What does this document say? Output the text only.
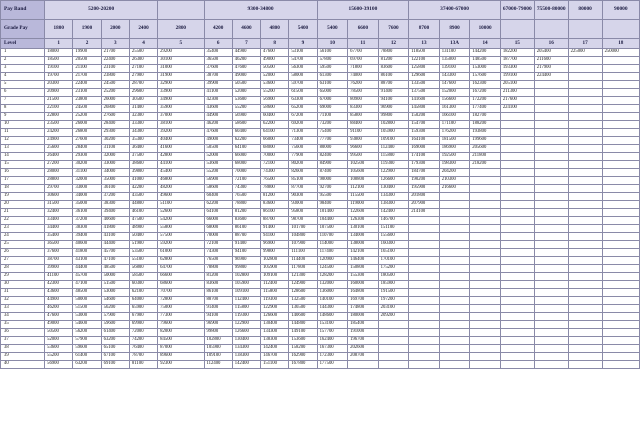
Pay Band	5200-20200					9300-34800				15600-39100			37400-67000			67000-79000	75500-80000	80000	90000
Grade Pay	1800	1900	2000	2400	2800	4200	4600	4800	5400	5400	6600	7600	8700	8900	10000				
Level	1	2	3	4	5	6	7	8	9	10	11	12	13	13A	14	15	16	17	18
1	18000	19900	21700	25500	29200	35400	44900	47600	53100	56100	67700	78800	118500	131100	144200	182200	205400	225000	250000
2	18500	20500	22400	26300	30100	36500	46200	49000	54700	57800	69700	81200	122100	135000	148500	187700	211600		
3	19100	21100	23100	27100	31000	37600	47600	50500	56300	59500	71800	83600	125800	139100	153000	193300	217900		
4	19700	21700	23800	27900	31900	38700	49000	52000	58000	61300	74000	86100	129600	143300	157600	199100	224400		
5	20300	22400	24500	28700	32900	39900	50500	53600	59700	63100	76200	88700	133500	147600	162300	205100			
6	20900	23100	25200	29600	33900	41100	52000	55200	61500	65000	78500	91400	137500	152000	167200	211300			
7	21500	23800	26000	30500	34900	42300	53600	56900	63300	67000	80900	94100	141600	156600	172200	217600			
8	22100	24500	26800	31400	35900	43600	55200	58600	65200	69000	83300	96900	145800	161300	177400	224100			
9	22800	25200	27600	32300	37000	44900	56900	60400	67200	71100	85800	99800	150200	166100	182700				
10	23500	26000	28400	33300	38100	46200	58600	62200	69200	73200	88400	102800	154700	171100	188200				
11	24200	26800	29300	34300	39200	47600	60400	64100	71300	75400	91100	105900	159300	176200	193800				
12	24900	27600	30200	35300	40400	49000	62200	66000	73400	77700	93800	109100	164100	181500	199600				
13	25600	28400	31100	36400	41600	50500	64100	68000	75600	80000	96600	112400	169000	186900	205600				
14	26400	29300	32000	37500	42800	52000	66000	70000	77900	82400	99500	115800	174100	192500	211800				
15	27200	30200	33000	38600	44100	53600	68000	72100	80200	84900	102500	119300	179300	198300	218200				
16	28000	31100	34000	39800	45400	55200	70000	74300	82600	87400	105600	122900	184700	204200					
17	28800	32000	35000	41000	46800	56900	72100	76500	85100	90000	108800	126600	190200	210300					
18	29700	33000	36100	42200	48200	58600	74300	78800	87700	92700	112100	130400	195900	216600					
19	30600	34000	37200	43500	49600	60400	76500	81200	90300	95500	115500	134300	201800						
20	31500	35000	38300	44800	51100	62200	78800	83600	93000	98400	119000	138300	207900						
21	32400	36100	39400	46100	52600	64100	81200	86100	95800	101400	122600	142400	214100						
22	33400	37200	40600	47500	54200	66000	83600	88700	98700	104400	126300	146700							
23	34400	38300	41800	48900	55800	68000	86100	91400	101700	107500	130100	151100							
24	35400	39400	43100	50400	57500	70000	88700	94100	104800	110700	134000	155600							
25	36500	40600	44400	51900	59200	72100	91400	96900	107900	114000	138000	160300							
26	37600	41800	45700	53500	61000	74300	94100	99800	111100	117400	142100	165100							
27	38700	43100	47100	55100	62800	76500	96900	102800	114400	120900	146400	170100							
28	39900	44400	48500	56800	64700	78800	99800	105900	117800	124500	150800	175200							
29	41100	45700	50000	58500	66600	81200	102800	109100	121300	128200	155300	180500							
30	42300	47100	51500	60300	68600	83600	105900	112400	124900	132000	160000	185900							
31	43600	48500	53000	62100	70700	86100	109100	115800	128600	136000	164800	191500							
32	44900	50000	54600	64000	72800	88700	112400	119300	132500	140100	169700	197200							
33	46200	51500	56200	65900	75000	91400	115800	122900	136500	144300	174800	203100							
34	47600	53000	57900	67900	77300	94100	119300	126600	140600	148600	180000	209200							
35	49000	54600	59600	69900	79600	96900	122900	130400	144800	153100	185400								
36	50500	56200	61400	72000	82000	99800	126600	134300	149100	157700	191000								
37	52000	57900	63200	74200	84500	102800	130400	138300	153600	162400	196700								
38	53600	59600	65100	76400	87000	105900	134300	142400	158200	167300	202600								
39	55200	61400	67100	78700	89600	109100	138300	146700	162900	172300	208700								
40	56900	63200	69100	81100	92300	112400	142400	151100	167800	177500									
